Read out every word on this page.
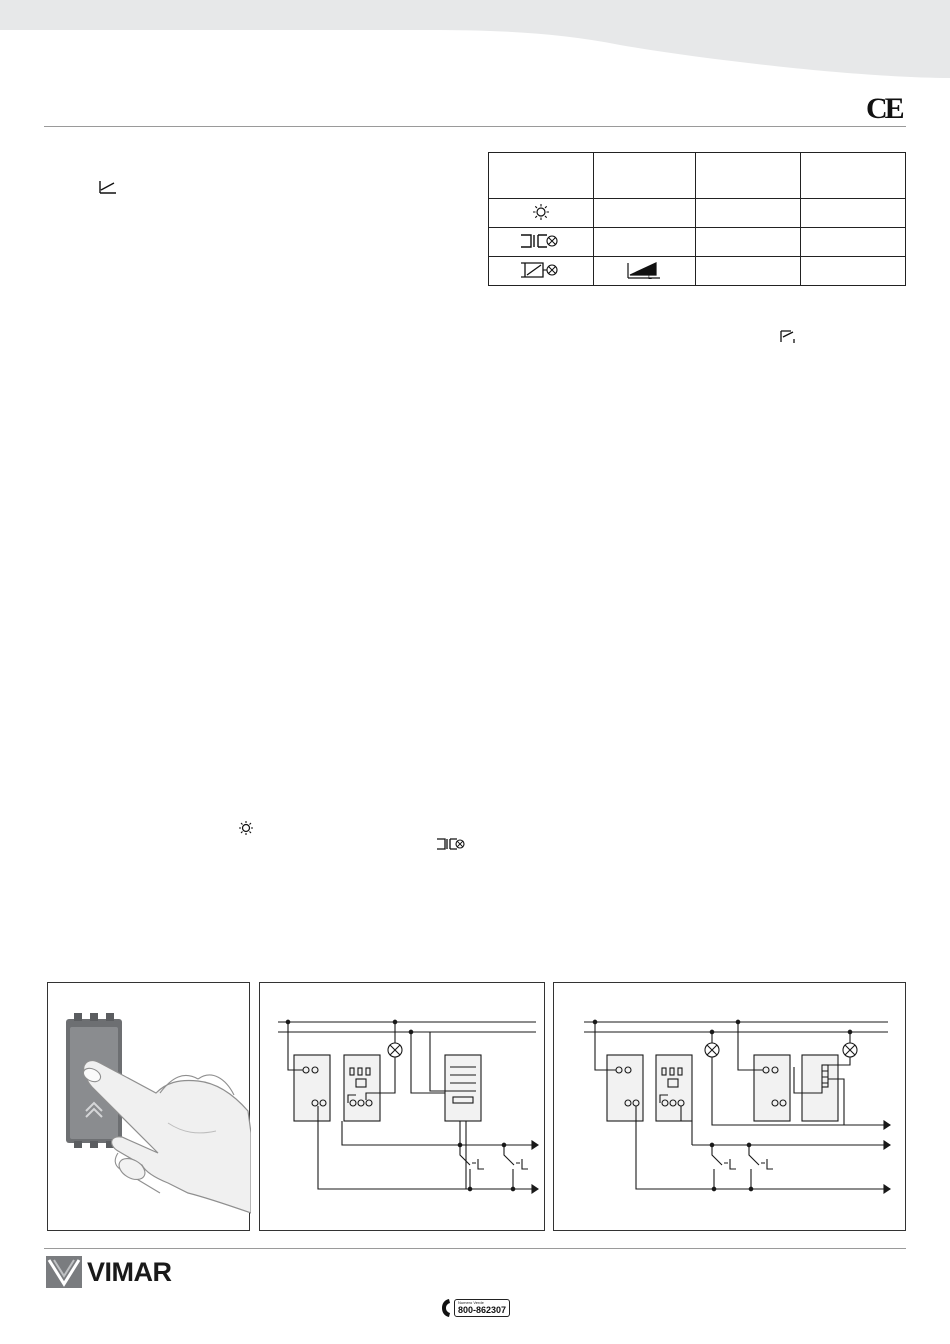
CE

L		

VIMAR
Numero Verde
800-862307
